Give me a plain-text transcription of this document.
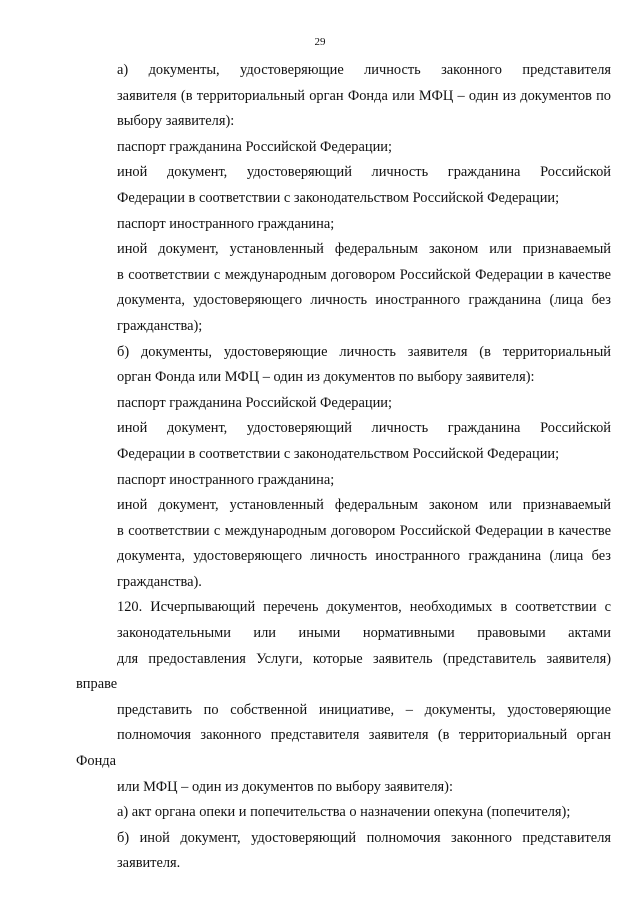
29
а) документы, удостоверяющие личность законного представителя
заявителя (в территориальный орган Фонда или МФЦ – один из документов по
выбору заявителя):
паспорт гражданина Российской Федерации;
иной документ, удостоверяющий личность гражданина Российской
Федерации в соответствии с законодательством Российской Федерации;
паспорт иностранного гражданина;
иной документ, установленный федеральным законом или признаваемый
в соответствии с международным договором Российской Федерации в качестве
документа, удостоверяющего личность иностранного гражданина (лица без
гражданства);
б) документы, удостоверяющие личность заявителя (в территориальный
орган Фонда или МФЦ – один из документов по выбору заявителя):
паспорт гражданина Российской Федерации;
иной документ, удостоверяющий личность гражданина Российской
Федерации в соответствии с законодательством Российской Федерации;
паспорт иностранного гражданина;
иной документ, установленный федеральным законом или признаваемый
в соответствии с международным договором Российской Федерации в качестве
документа, удостоверяющего личность иностранного гражданина (лица без
гражданства).
120. Исчерпывающий перечень документов, необходимых в соответствии с
законодательными или иными нормативными правовыми актами
для предоставления Услуги, которые заявитель (представитель заявителя) вправе
представить по собственной инициативе, – документы, удостоверяющие
полномочия законного представителя заявителя (в территориальный орган Фонда
или МФЦ – один из документов по выбору заявителя):
а) акт органа опеки и попечительства о назначении опекуна (попечителя);
б) иной документ, удостоверяющий полномочия законного представителя
заявителя.
